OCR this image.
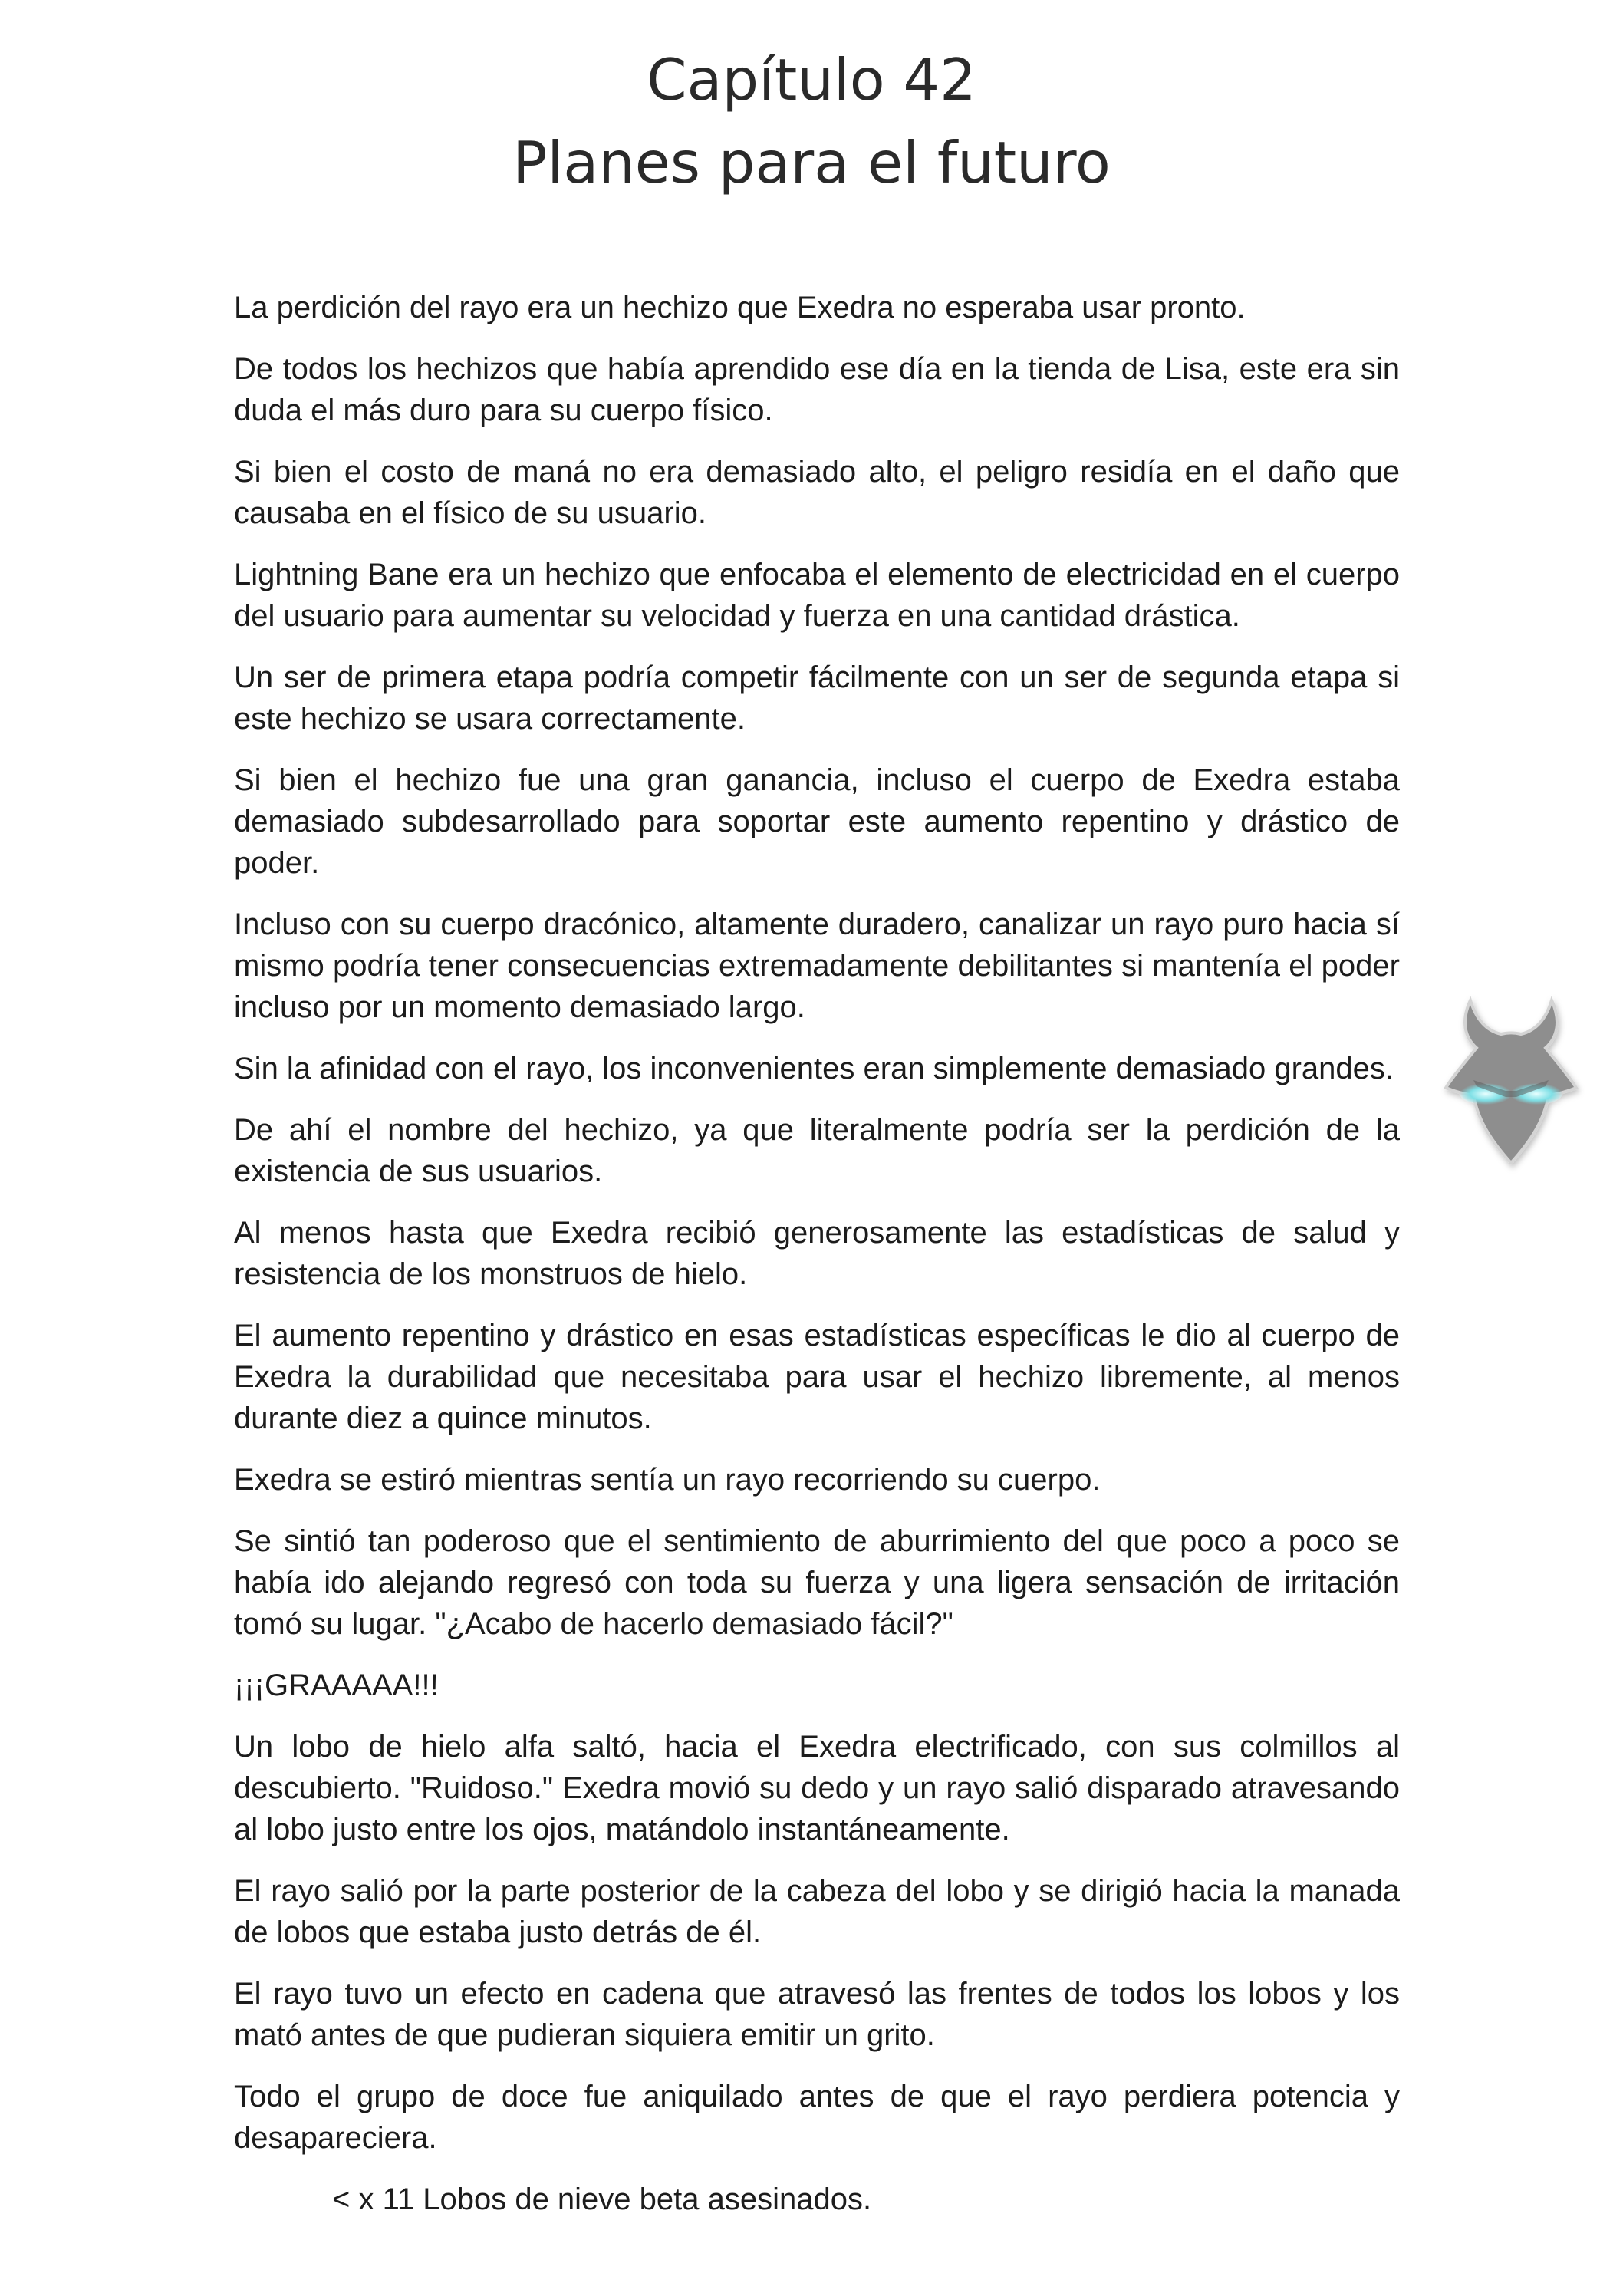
Capítulo 42
Planes para el futuro

La perdición del rayo era un hechizo que Exedra no esperaba usar pronto.

De todos los hechizos que había aprendido ese día en la tienda de Lisa, este era sin duda el más duro para su cuerpo físico.

Si bien el costo de maná no era demasiado alto, el peligro residía en el daño que causaba en el físico de su usuario.

Lightning Bane era un hechizo que enfocaba el elemento de electricidad en el cuerpo del usuario para aumentar su velocidad y fuerza en una cantidad drástica.

Un ser de primera etapa podría competir fácilmente con un ser de segunda etapa si este hechizo se usara correctamente.

Si bien el hechizo fue una gran ganancia, incluso el cuerpo de Exedra estaba demasiado subdesarrollado para soportar este aumento repentino y drástico de poder.

Incluso con su cuerpo dracónico, altamente duradero, canalizar un rayo puro hacia sí mismo podría tener consecuencias extremadamente debilitantes si mantenía el poder incluso por un momento demasiado largo.

Sin la afinidad con el rayo, los inconvenientes eran simplemente demasiado grandes.

De ahí el nombre del hechizo, ya que literalmente podría ser la perdición de la existencia de sus usuarios.

Al menos hasta que Exedra recibió generosamente las estadísticas de salud y resistencia de los monstruos de hielo.

El aumento repentino y drástico en esas estadísticas específicas le dio al cuerpo de Exedra la durabilidad que necesitaba para usar el hechizo libremente, al menos durante diez a quince minutos.

Exedra se estiró mientras sentía un rayo recorriendo su cuerpo.

Se sintió tan poderoso que el sentimiento de aburrimiento del que poco a poco se había ido alejando regresó con toda su fuerza y una ligera sensación de irritación tomó su lugar. "¿Acabo de hacerlo demasiado fácil?"

¡¡¡GRAAAAA!!!

Un lobo de hielo alfa saltó, hacia el Exedra electrificado, con sus colmillos al descubierto. "Ruidoso." Exedra movió su dedo y un rayo salió disparado atravesando al lobo justo entre los ojos, matándolo instantáneamente.

El rayo salió por la parte posterior de la cabeza del lobo y se dirigió hacia la manada de lobos que estaba justo detrás de él.

El rayo tuvo un efecto en cadena que atravesó las frentes de todos los lobos y los mató antes de que pudieran siquiera emitir un grito.

Todo el grupo de doce fue aniquilado antes de que el rayo perdiera potencia y desapareciera.

< x 11 Lobos de nieve beta asesinados.
